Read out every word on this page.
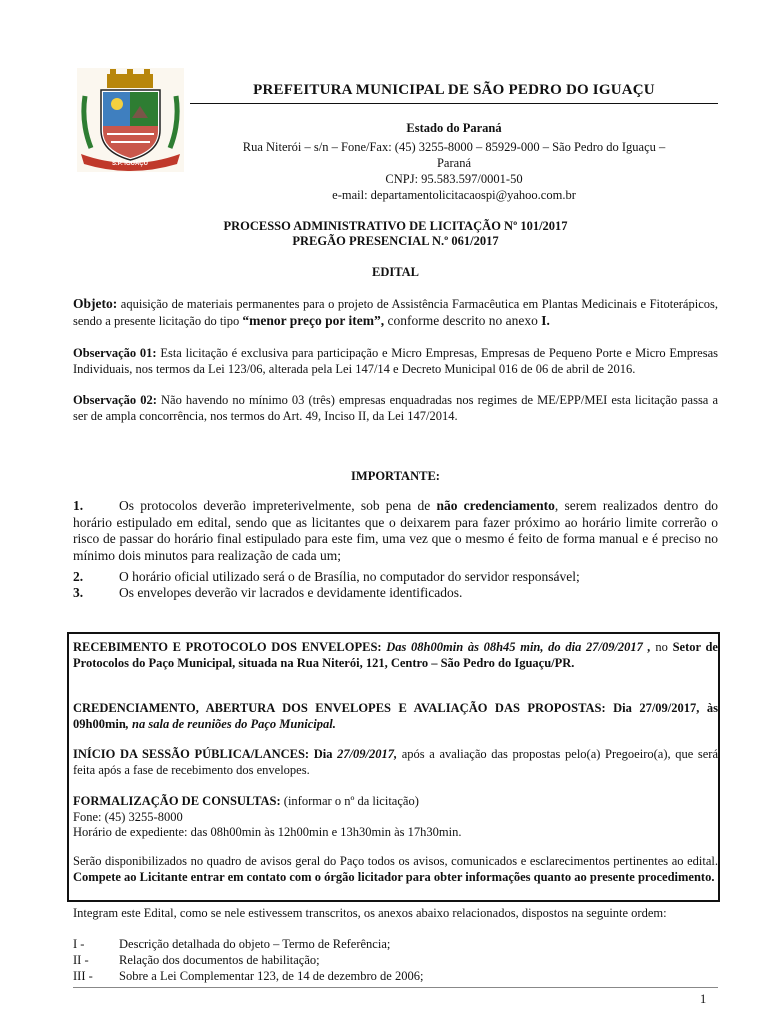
S.P. IGUAÇU
PREFEITURA MUNICIPAL DE SÃO PEDRO DO IGUAÇU
Estado do Paraná
Rua Niterói – s/n – Fone/Fax: (45) 3255-8000 – 85929-000 – São Pedro do Iguaçu –
Paraná
CNPJ: 95.583.597/0001-50
e-mail: departamentolicitacaospi@yahoo.com.br
PROCESSO ADMINISTRATIVO DE LICITAÇÃO Nº 101/2017
PREGÃO PRESENCIAL N.º 061/2017
EDITAL
Objeto: aquisição de materiais permanentes para o projeto de Assistência Farmacêutica em Plantas Medicinais e Fitoterápicos, sendo a presente licitação do tipo “menor preço por item”, conforme descrito no anexo I.
Observação 01: Esta licitação é exclusiva para participação e Micro Empresas, Empresas de Pequeno Porte e Micro Empresas Individuais, nos termos da Lei 123/06, alterada pela Lei 147/14 e Decreto Municipal 016 de 06 de abril de 2016.
Observação 02: Não havendo no mínimo 03 (três) empresas enquadradas nos regimes de ME/EPP/MEI esta licitação passa a ser de ampla concorrência, nos termos do Art. 49, Inciso II, da Lei 147/2014.
IMPORTANTE:
1.	Os protocolos deverão impreterivelmente, sob pena de não credenciamento, serem realizados dentro do horário estipulado em edital, sendo que as licitantes que o deixarem para fazer próximo ao horário limite correrão o risco de passar do horário final estipulado para este fim, uma vez que o mesmo é feito de forma manual e é preciso no mínimo dois minutos para realização de cada um;
2.	O horário oficial utilizado será o de Brasília, no computador do servidor responsável;
3.	Os envelopes deverão vir lacrados e devidamente identificados.
RECEBIMENTO E PROTOCOLO DOS ENVELOPES: Das 08h00min às 08h45 min, do dia 27/09/2017 , no Setor de Protocolos do Paço Municipal, situada na Rua Niterói, 121, Centro – São Pedro do Iguaçu/PR.
CREDENCIAMENTO, ABERTURA DOS ENVELOPES E AVALIAÇÃO DAS PROPOSTAS: Dia 27/09/2017, às 09h00min, na sala de reuniões do Paço Municipal.
INÍCIO DA SESSÃO PÚBLICA/LANCES: Dia 27/09/2017, após a avaliação das propostas pelo(a) Pregoeiro(a), que será feita após a fase de recebimento dos envelopes.
FORMALIZAÇÃO DE CONSULTAS: (informar o nº da licitação)
Fone: (45) 3255-8000
Horário de expediente: das 08h00min às 12h00min e 13h30min às 17h30min.
Serão disponibilizados no quadro de avisos geral do Paço todos os avisos, comunicados e esclarecimentos pertinentes ao edital. Compete ao Licitante entrar em contato com o órgão licitador para obter informações quanto ao presente procedimento.
Integram este Edital, como se nele estivessem transcritos, os anexos abaixo relacionados, dispostos na seguinte ordem:
I -	Descrição detalhada do objeto – Termo de Referência;
II - Relação dos documentos de habilitação;
III - Sobre a Lei Complementar 123, de 14 de dezembro de 2006;
1
